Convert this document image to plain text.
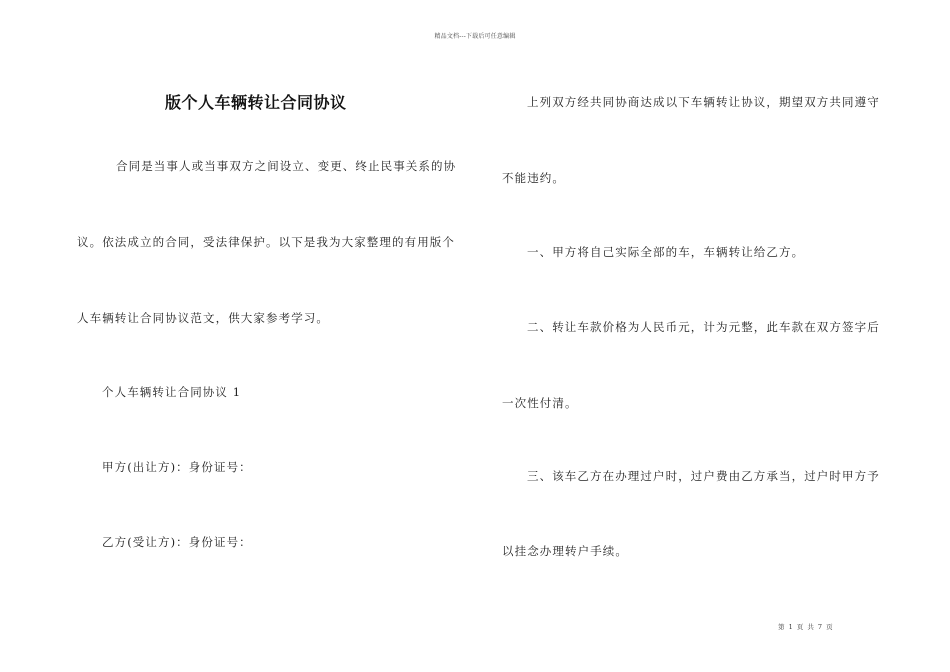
精品文档---下载后可任意编辑
版个人车辆转让合同协议
合同是当事人或当事双方之间设立、变更、终止民事关系的协
议。依法成立的合同，受法律保护。以下是我为大家整理的有用版个
人车辆转让合同协议范文，供大家参考学习。
个人车辆转让合同协议 1
甲方(出让方)：身份证号：
乙方(受让方)：身份证号：
上列双方经共同协商达成以下车辆转让协议，期望双方共同遵守
不能违约。
一、甲方将自己实际全部的车，车辆转让给乙方。
二、转让车款价格为人民币元，计为元整，此车款在双方签字后
一次性付清。
三、该车乙方在办理过户时，过户费由乙方承当，过户时甲方予
以挂念办理转户手续。
第 1 页 共 7 页
